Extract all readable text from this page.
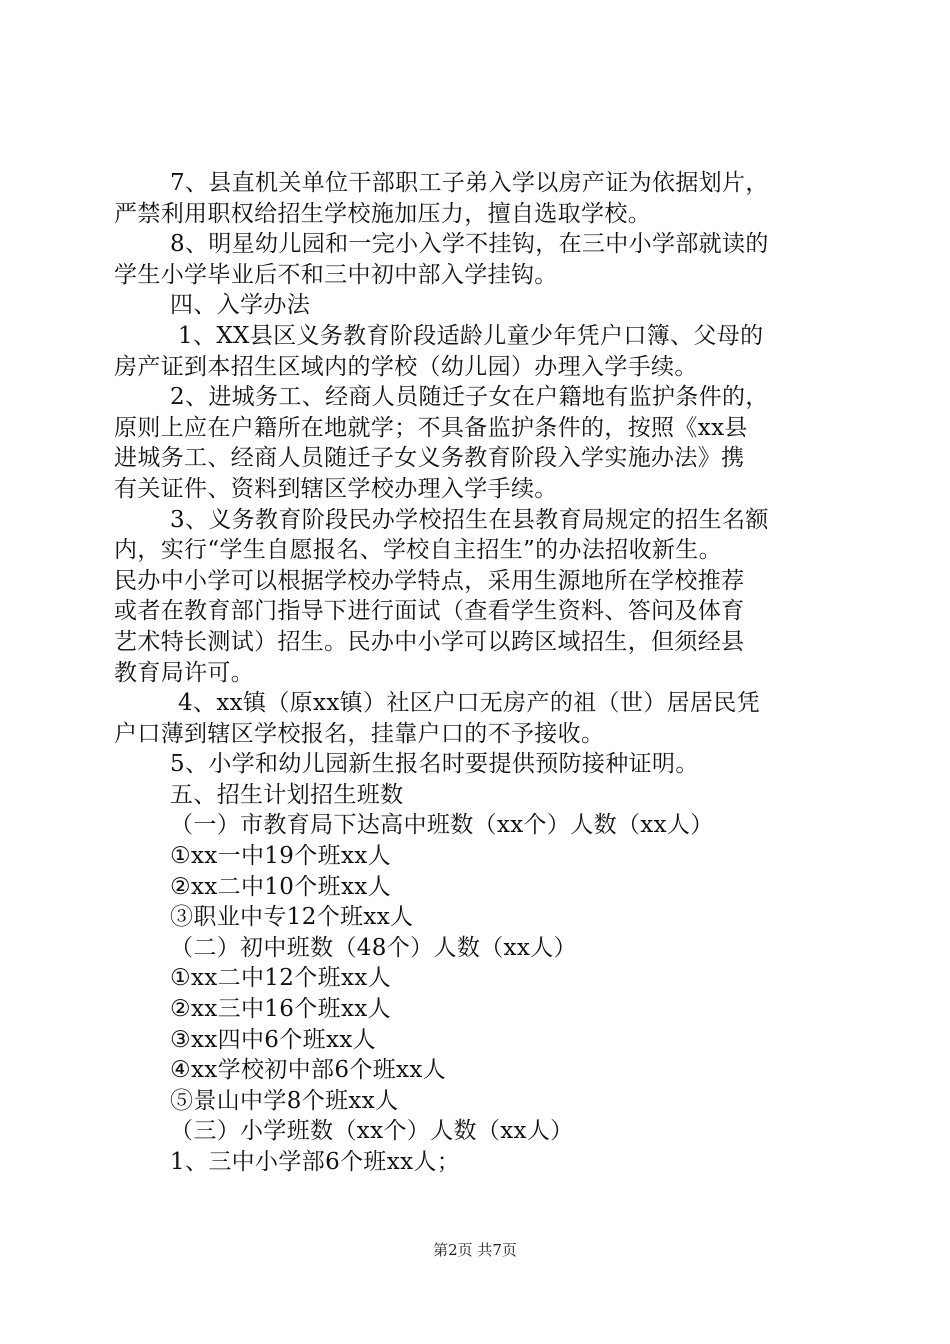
7、县直机关单位干部职工子弟入学以房产证为依据划片，
严禁利用职权给招生学校施加压力，擅自选取学校。
8、明星幼儿园和一完小入学不挂钩，在三中小学部就读的
学生小学毕业后不和三中初中部入学挂钩。
四、入学办法
1、XX县区义务教育阶段适龄儿童少年凭户口簿、父母的
房产证到本招生区域内的学校（幼儿园）办理入学手续。
2、进城务工、经商人员随迁子女在户籍地有监护条件的，
原则上应在户籍所在地就学；不具备监护条件的，按照《xx县
进城务工、经商人员随迁子女义务教育阶段入学实施办法》携
有关证件、资料到辖区学校办理入学手续。
3、义务教育阶段民办学校招生在县教育局规定的招生名额
内，实行“学生自愿报名、学校自主招生”的办法招收新生。
民办中小学可以根据学校办学特点，采用生源地所在学校推荐
或者在教育部门指导下进行面试（查看学生资料、答问及体育
艺术特长测试）招生。民办中小学可以跨区域招生，但须经县
教育局许可。
4、xx镇（原xx镇）社区户口无房产的祖（世）居居民凭
户口薄到辖区学校报名，挂靠户口的不予接收。
5、小学和幼儿园新生报名时要提供预防接种证明。
五、招生计划招生班数
（一）市教育局下达高中班数（xx个）人数（xx人）
①xx一中19个班xx人
②xx二中10个班xx人
③职业中专12个班xx人
（二）初中班数（48个）人数（xx人）
①xx二中12个班xx人
②xx三中16个班xx人
③xx四中6个班xx人
④xx学校初中部6个班xx人
⑤景山中学8个班xx人
（三）小学班数（xx个）人数（xx人）
1、三中小学部6个班xx人；
第2页 共7页
